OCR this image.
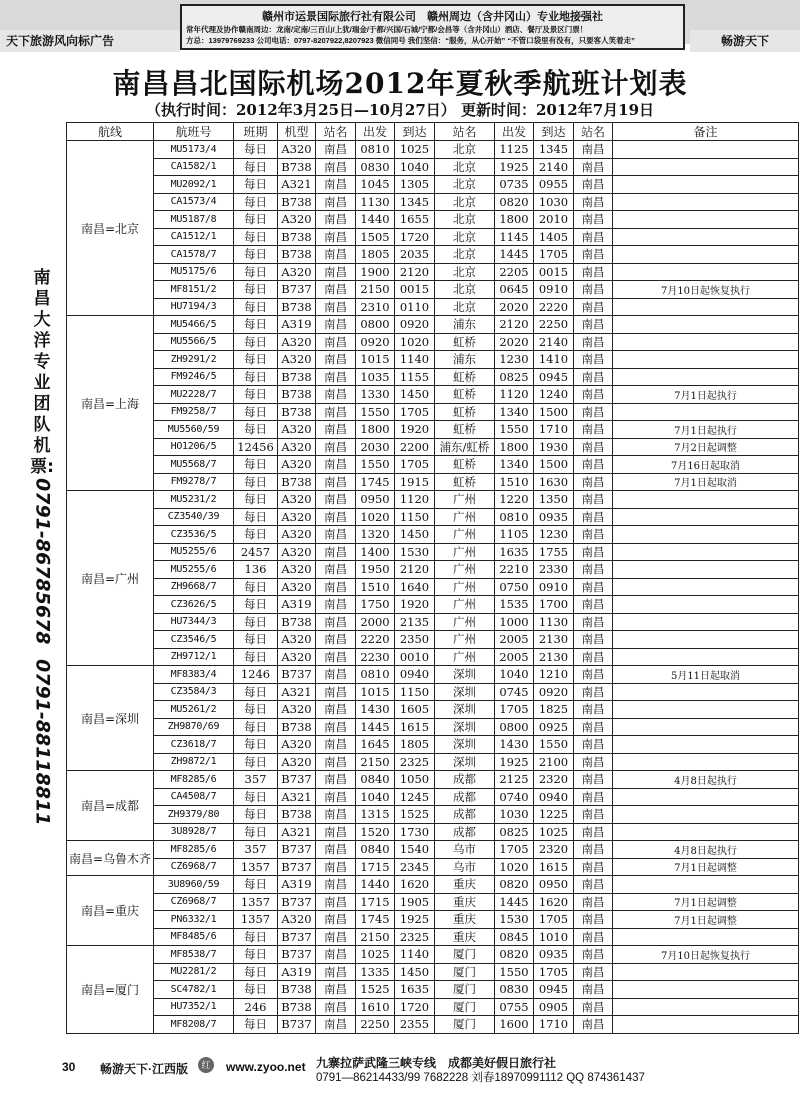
天下旅游风向标广告
赣州市运景国际旅行社有限公司　 赣州周边（含井冈山）专业地接强社
常年代理及协作赣南周边：龙南/定南/三百山/上犹/瑞金/于都/兴国/石城/宁都/会昌等（含井冈山）酒店、餐厅及景区门票！
方总：13979769233 公司电话：0797-8207922,8207923 微信同号 我们坚信：“服务，从心开始” “不管口袋里有没有，只要客人笑着走”	畅游天下
南昌昌北国际机场2012年夏秋季航班计划表
（执行时间：2012年3月25日—10月27日） 更新时间：2012年7月19日
南昌大洋专业团队机票:
0791-86785678
0791-88118811
航线	航班号	班期	机型	站名	出发	到达	站名	出发	到达	站名	备注
南昌=北京	MU5173/4	每日	A320	南昌	0810	1025	北京	1125	1345	南昌	
	CA1582/1	每日	B738	南昌	0830	1040	北京	1925	2140	南昌	
	MU2092/1	每日	A321	南昌	1045	1305	北京	0735	0955	南昌	
	CA1573/4	每日	B738	南昌	1130	1345	北京	0820	1030	南昌	
	MU5187/8	每日	A320	南昌	1440	1655	北京	1800	2010	南昌	
	CA1512/1	每日	B738	南昌	1505	1720	北京	1145	1405	南昌	
	CA1578/7	每日	B738	南昌	1805	2035	北京	1445	1705	南昌	
	MU5175/6	每日	A320	南昌	1900	2120	北京	2205	0015	南昌	
	MF8151/2	每日	B737	南昌	2150	0015	北京	0645	0910	南昌	7月10日起恢复执行
	HU7194/3	每日	B738	南昌	2310	0110	北京	2020	2220	南昌	
南昌=上海	MU5466/5	每日	A319	南昌	0800	0920	浦东	2120	2250	南昌	
	MU5566/5	每日	A320	南昌	0920	1020	虹桥	2020	2140	南昌	
	ZH9291/2	每日	A320	南昌	1015	1140	浦东	1230	1410	南昌	
	FM9246/5	每日	B738	南昌	1035	1155	虹桥	0825	0945	南昌	
	MU2228/7	每日	B738	南昌	1330	1450	虹桥	1120	1240	南昌	7月1日起执行
	FM9258/7	每日	B738	南昌	1550	1705	虹桥	1340	1500	南昌	
	MU5560/59	每日	A320	南昌	1800	1920	虹桥	1550	1710	南昌	7月1日起执行
	HO1206/5	12456	A320	南昌	2030	2200	浦东/虹桥	1800	1930	南昌	7月2日起调整
	MU5568/7	每日	A320	南昌	1550	1705	虹桥	1340	1500	南昌	7月16日起取消
	FM9278/7	每日	B738	南昌	1745	1915	虹桥	1510	1630	南昌	7月1日起取消
南昌=广州	MU5231/2	每日	A320	南昌	0950	1120	广州	1220	1350	南昌	
	CZ3540/39	每日	A320	南昌	1020	1150	广州	0810	0935	南昌	
	CZ3536/5	每日	A320	南昌	1320	1450	广州	1105	1230	南昌	
	MU5255/6	2457	A320	南昌	1400	1530	广州	1635	1755	南昌	
	MU5255/6	136	A320	南昌	1950	2120	广州	2210	2330	南昌	
	ZH9668/7	每日	A320	南昌	1510	1640	广州	0750	0910	南昌	
	CZ3626/5	每日	A319	南昌	1750	1920	广州	1535	1700	南昌	
	HU7344/3	每日	B738	南昌	2000	2135	广州	1000	1130	南昌	
	CZ3546/5	每日	A320	南昌	2220	2350	广州	2005	2130	南昌	
	ZH9712/1	每日	A320	南昌	2230	0010	广州	2005	2130	南昌	
南昌=深圳	MF8383/4	1246	B737	南昌	0810	0940	深圳	1040	1210	南昌	5月11日起取消
	CZ3584/3	每日	A321	南昌	1015	1150	深圳	0745	0920	南昌	
	MU5261/2	每日	A320	南昌	1430	1605	深圳	1705	1825	南昌	
	ZH9870/69	每日	B738	南昌	1445	1615	深圳	0800	0925	南昌	
	CZ3618/7	每日	A320	南昌	1645	1805	深圳	1430	1550	南昌	
	ZH9872/1	每日	A320	南昌	2150	2325	深圳	1925	2100	南昌	
南昌=成都	MF8285/6	357	B737	南昌	0840	1050	成都	2125	2320	南昌	4月8日起执行
	CA4508/7	每日	A321	南昌	1040	1245	成都	0740	0940	南昌	
	ZH9379/80	每日	B738	南昌	1315	1525	成都	1030	1225	南昌	
	3U8928/7	每日	A321	南昌	1520	1730	成都	0825	1025	南昌	
南昌=乌鲁木齐	MF8285/6	357	B737	南昌	0840	1540	乌市	1705	2320	南昌	4月8日起执行
	CZ6968/7	1357	B737	南昌	1715	2345	乌市	1020	1615	南昌	7月1日起调整
南昌=重庆	3U8960/59	每日	A319	南昌	1440	1620	重庆	0820	0950	南昌	
	CZ6968/7	1357	B737	南昌	1715	1905	重庆	1445	1620	南昌	7月1日起调整
	PN6332/1	1357	A320	南昌	1745	1925	重庆	1530	1705	南昌	7月1日起调整
	MF8485/6	每日	B737	南昌	2150	2325	重庆	0845	1010	南昌	
南昌=厦门	MF8538/7	每日	B737	南昌	1025	1140	厦门	0820	0935	南昌	7月10日起恢复执行
	MU2281/2	每日	A319	南昌	1335	1450	厦门	1550	1705	南昌	
	SC4782/1	每日	B738	南昌	1525	1635	厦门	0830	0945	南昌	
	HU7352/1	246	B738	南昌	1610	1720	厦门	0755	0905	南昌	
	MF8208/7	每日	B737	南昌	2250	2355	厦门	1600	1710	南昌	
30 畅游天下·江西版	红 www.zyoo.net 九寨拉萨武隆三峡专线　成都美好假日旅行社
0791—86214433/99 7682228 刘春18970991112 QQ 874361437
